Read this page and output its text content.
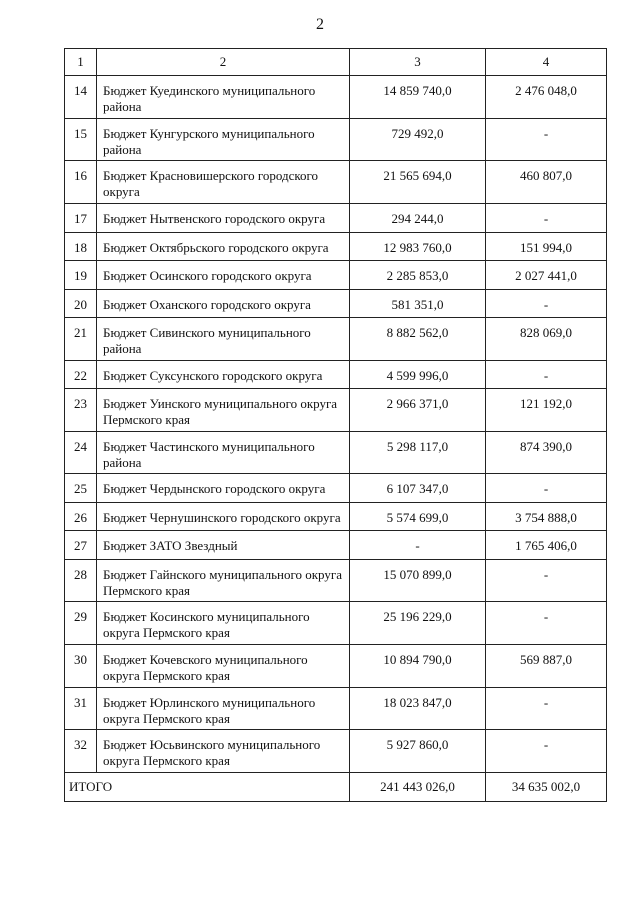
2
1	2	3	4
14	Бюджет Куединского муниципального района	14 859 740,0	2 476 048,0
15	Бюджет Кунгурского муниципального района	729 492,0	-
16	Бюджет Красновишерского городского округа	21 565 694,0	460 807,0
17	Бюджет Нытвенского городского округа	294 244,0	-
18	Бюджет Октябрьского городского округа	12 983 760,0	151 994,0
19	Бюджет Осинского городского округа	2 285 853,0	2 027 441,0
20	Бюджет Оханского городского округа	581 351,0	-
21	Бюджет Сивинского муниципального района	8 882 562,0	828 069,0
22	Бюджет Суксунского городского округа	4 599 996,0	-
23	Бюджет Уинского муниципального округа Пермского края	2 966 371,0	121 192,0
24	Бюджет Частинского муниципального района	5 298 117,0	874 390,0
25	Бюджет Чердынского городского округа	6 107 347,0	-
26	Бюджет Чернушинского городского округа	5 574 699,0	3 754 888,0
27	Бюджет ЗАТО Звездный	-	1 765 406,0
28	Бюджет Гайнского муниципального округа Пермского края	15 070 899,0	-
29	Бюджет Косинского муниципального округа Пермского края	25 196 229,0	-
30	Бюджет Кочевского муниципального округа Пермского края	10 894 790,0	569 887,0
31	Бюджет Юрлинского муниципального округа Пермского края	18 023 847,0	-
32	Бюджет Юсьвинского муниципального округа Пермского края	5 927 860,0	-
ИТОГО		241 443 026,0	34 635 002,0
